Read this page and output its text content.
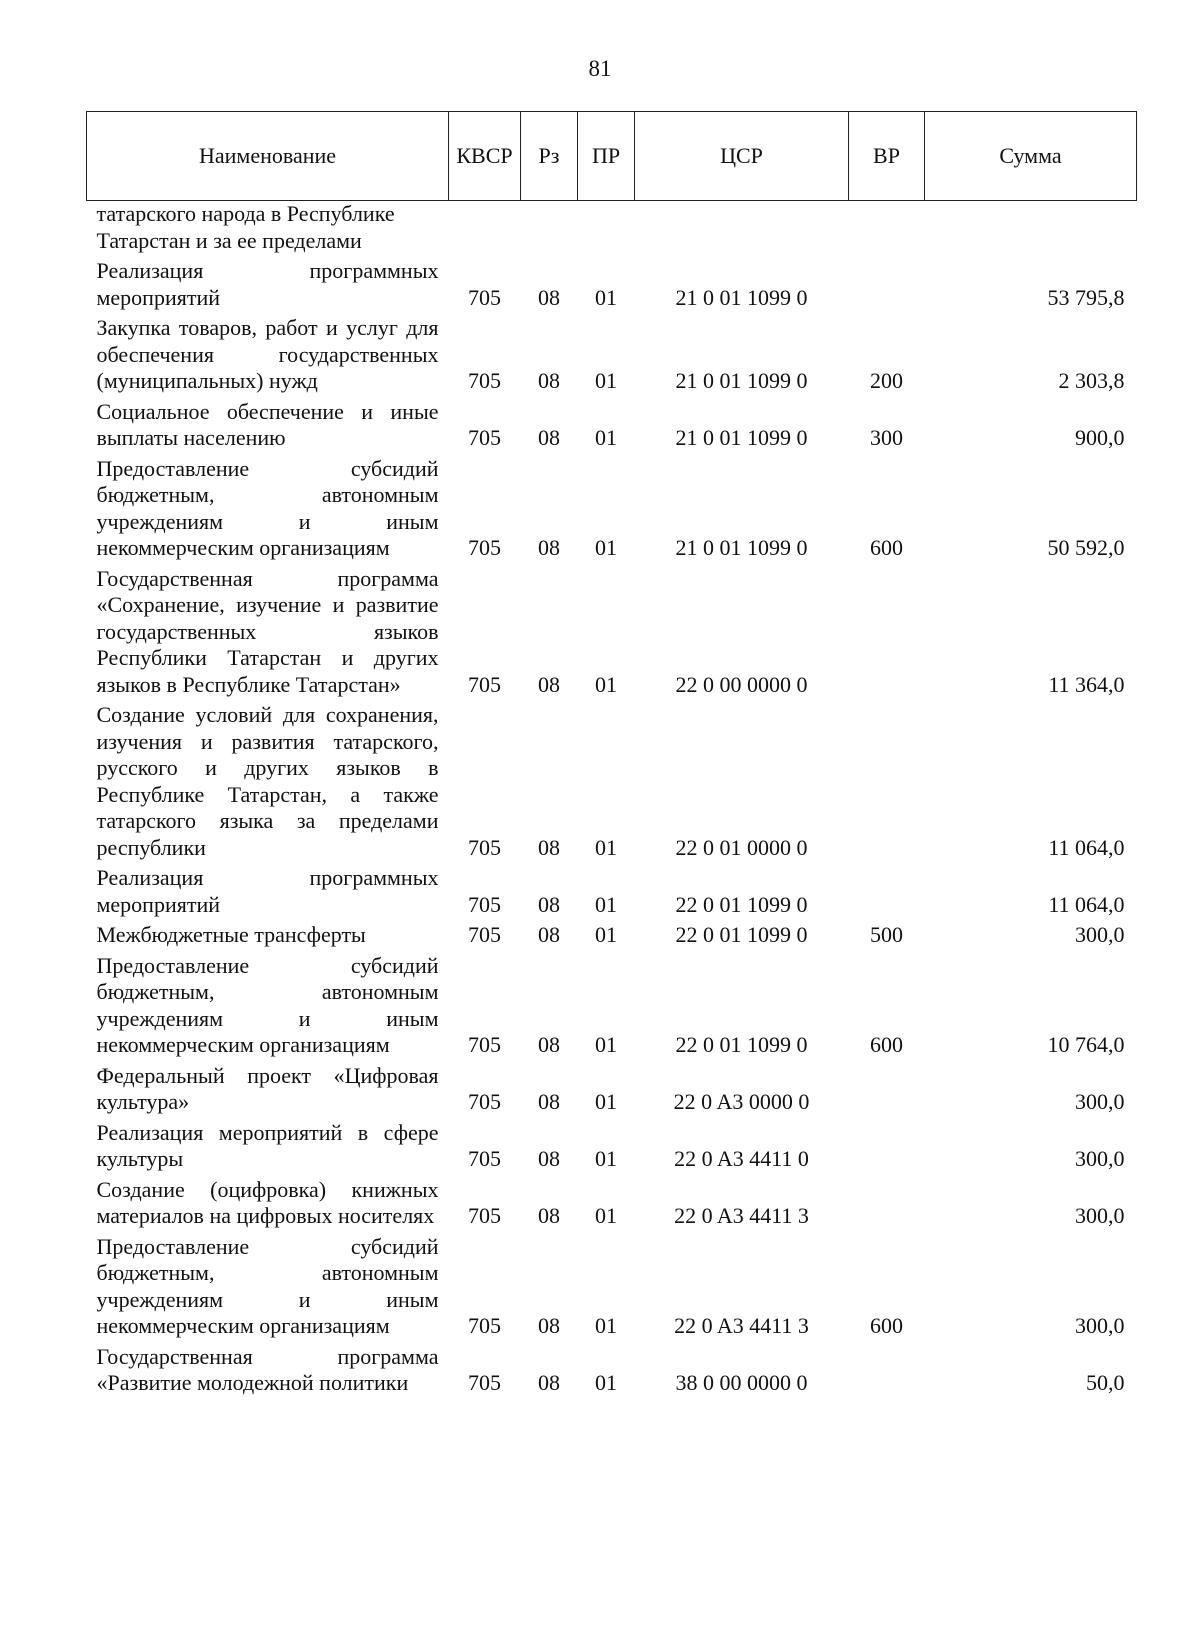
81
Наименование	КВСР	Рз	ПР	ЦСР	ВР	Сумма
татарского народа в Республике Татарстан и за ее пределами						
Реализация программных мероприятий	705	08	01	21 0 01 1099 0		53 795,8
Закупка товаров, работ и услуг для обеспечения государственных (муниципальных) нужд	705	08	01	21 0 01 1099 0	200	2 303,8
Социальное обеспечение и иные выплаты населению	705	08	01	21 0 01 1099 0	300	900,0
Предоставление субсидий бюджетным, автономным учреждениям и иным некоммерческим организациям	705	08	01	21 0 01 1099 0	600	50 592,0
Государственная программа «Сохранение, изучение и развитие государственных языков Республики Татарстан и других языков в Республике Татарстан»	705	08	01	22 0 00 0000 0		11 364,0
Создание условий для сохранения, изучения и развития татарского, русского и других языков в Республике Татарстан, а также татарского языка за пределами республики	705	08	01	22 0 01 0000 0		11 064,0
Реализация программных мероприятий	705	08	01	22 0 01 1099 0		11 064,0
Межбюджетные трансферты	705	08	01	22 0 01 1099 0	500	300,0
Предоставление субсидий бюджетным, автономным учреждениям и иным некоммерческим организациям	705	08	01	22 0 01 1099 0	600	10 764,0
Федеральный проект «Цифровая культура»	705	08	01	22 0 A3 0000 0		300,0
Реализация мероприятий в сфере культуры	705	08	01	22 0 A3 4411 0		300,0
Создание (оцифровка) книжных материалов на цифровых носителях	705	08	01	22 0 A3 4411 3		300,0
Предоставление субсидий бюджетным, автономным учреждениям и иным некоммерческим организациям	705	08	01	22 0 A3 4411 3	600	300,0
Государственная программа «Развитие молодежной политики	705	08	01	38 0 00 0000 0		50,0
